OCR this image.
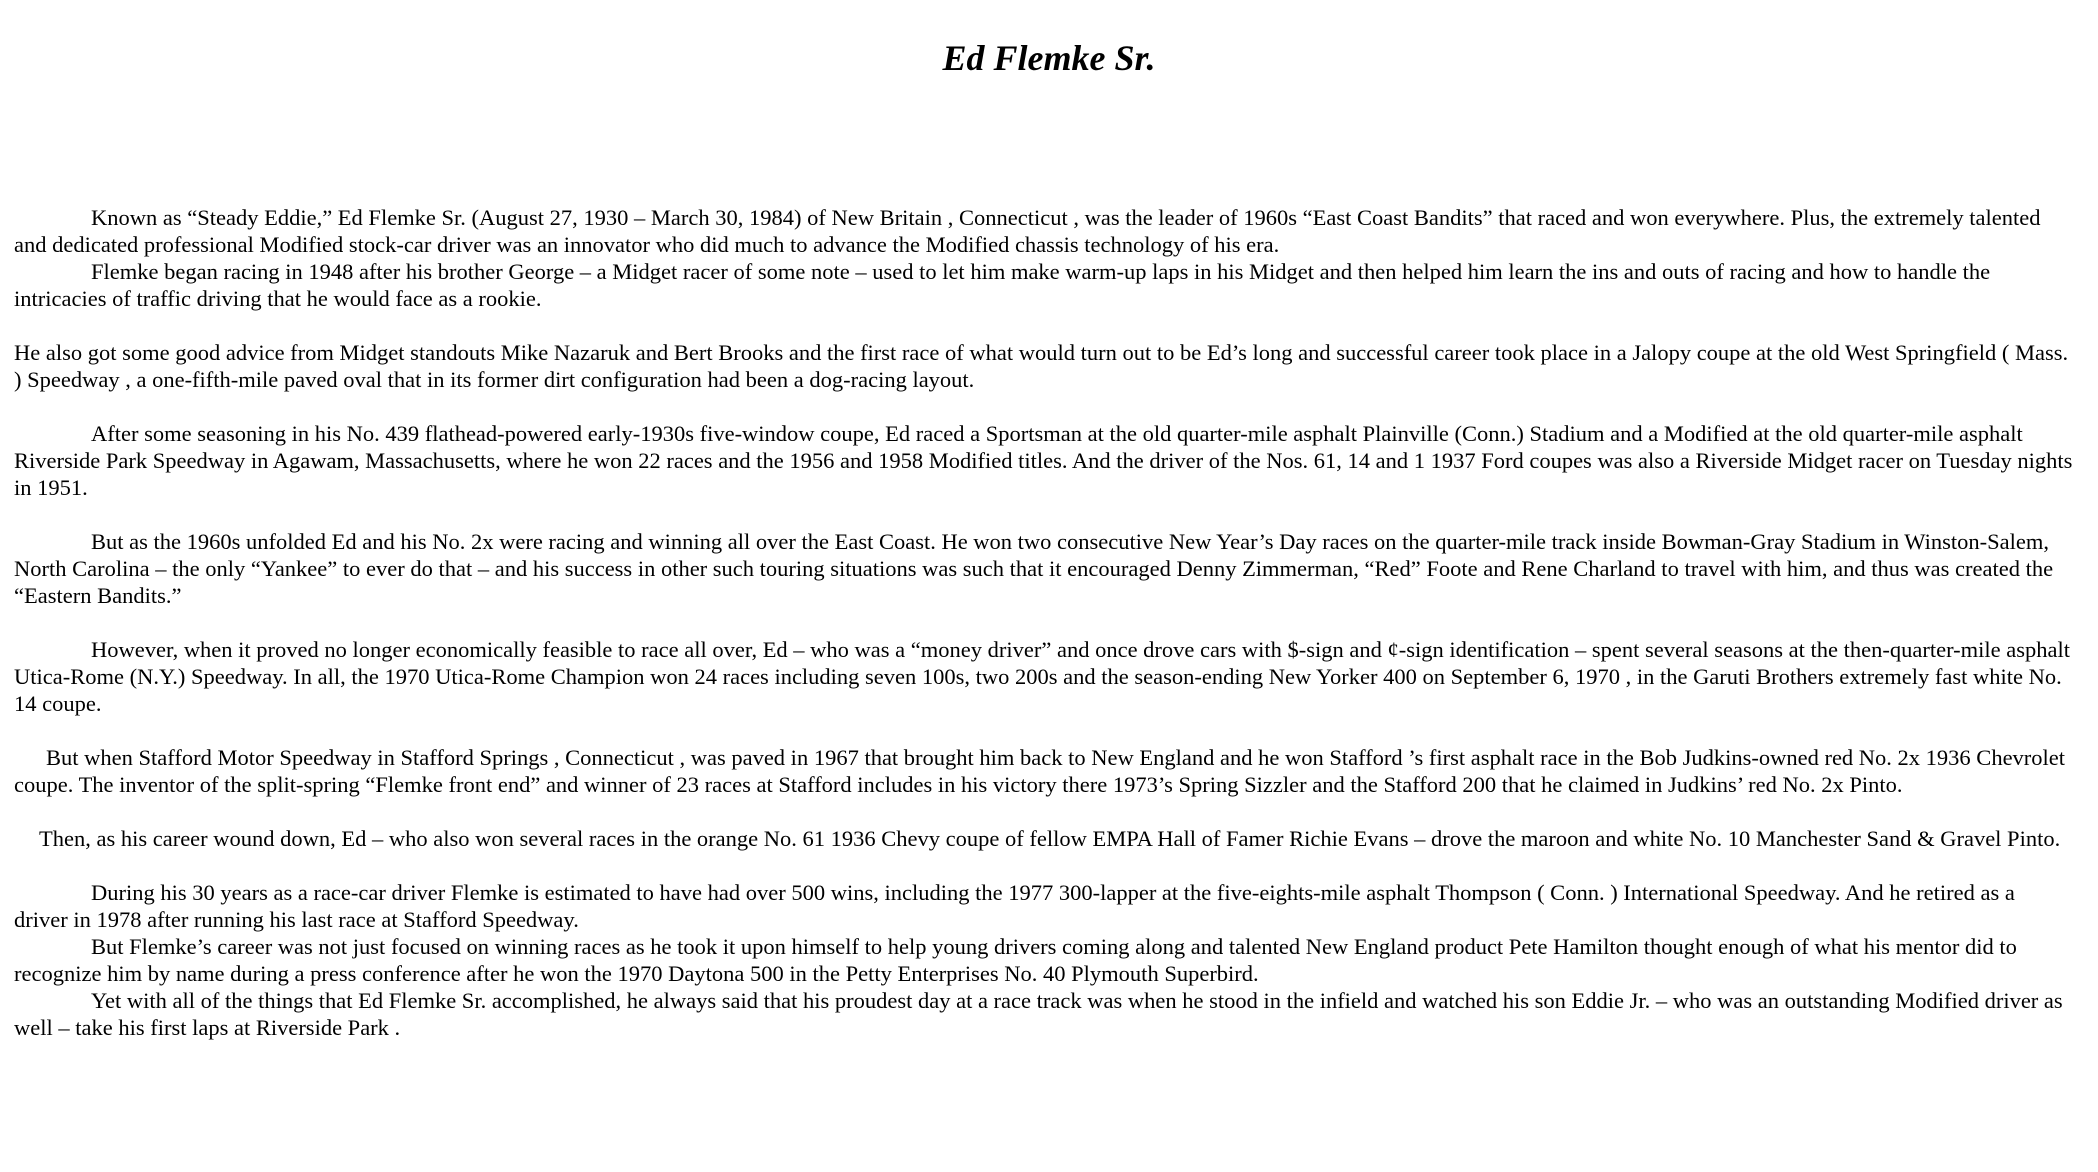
Ed Flemke Sr.

Known as “Steady Eddie,” Ed Flemke Sr. (August 27, 1930 – March 30, 1984) of New Britain , Connecticut , was the leader of 1960s “East Coast Bandits” that raced and won everywhere. Plus, the extremely talented and dedicated professional Modified stock-car driver was an innovator who did much to advance the Modified chassis technology of his era.

Flemke began racing in 1948 after his brother George – a Midget racer of some note – used to let him make warm-up laps in his Midget and then helped him learn the ins and outs of racing and how to handle the intricacies of traffic driving that he would face as a rookie.

He also got some good advice from Midget standouts Mike Nazaruk and Bert Brooks and the first race of what would turn out to be Ed’s long and successful career took place in a Jalopy coupe at the old West Springfield ( Mass. ) Speedway , a one-fifth-mile paved oval that in its former dirt configuration had been a dog-racing layout.

After some seasoning in his No. 439 flathead-powered early-1930s five-window coupe, Ed raced a Sportsman at the old quarter-mile asphalt Plainville (Conn.) Stadium and a Modified at the old quarter-mile asphalt Riverside Park Speedway in Agawam, Massachusetts, where he won 22 races and the 1956 and 1958 Modified titles. And the driver of the Nos. 61, 14 and 1 1937 Ford coupes was also a Riverside Midget racer on Tuesday nights in 1951.

But as the 1960s unfolded Ed and his No. 2x were racing and winning all over the East Coast. He won two consecutive New Year’s Day races on the quarter-mile track inside Bowman-Gray Stadium in Winston-Salem, North Carolina – the only “Yankee” to ever do that – and his success in other such touring situations was such that it encouraged Denny Zimmerman, “Red” Foote and Rene Charland to travel with him, and thus was created the “Eastern Bandits.”

However, when it proved no longer economically feasible to race all over, Ed – who was a “money driver” and once drove cars with $-sign and ¢-sign identification – spent several seasons at the then-quarter-mile asphalt Utica-Rome (N.Y.) Speedway. In all, the 1970 Utica-Rome Champion won 24 races including seven 100s, two 200s and the season-ending New Yorker 400 on September 6, 1970 , in the Garuti Brothers extremely fast white No. 14 coupe.

But when Stafford Motor Speedway in Stafford Springs , Connecticut , was paved in 1967 that brought him back to New England and he won Stafford ’s first asphalt race in the Bob Judkins-owned red No. 2x 1936 Chevrolet coupe. The inventor of the split-spring “Flemke front end” and winner of 23 races at Stafford includes in his victory there 1973’s Spring Sizzler and the Stafford 200 that he claimed in Judkins’ red No. 2x Pinto.

Then, as his career wound down, Ed – who also won several races in the orange No. 61 1936 Chevy coupe of fellow EMPA Hall of Famer Richie Evans – drove the maroon and white No. 10 Manchester Sand & Gravel Pinto.

During his 30 years as a race-car driver Flemke is estimated to have had over 500 wins, including the 1977 300-lapper at the five-eights-mile asphalt Thompson ( Conn. ) International Speedway. And he retired as a driver in 1978 after running his last race at Stafford Speedway.

But Flemke’s career was not just focused on winning races as he took it upon himself to help young drivers coming along and talented New England product Pete Hamilton thought enough of what his mentor did to recognize him by name during a press conference after he won the 1970 Daytona 500 in the Petty Enterprises No. 40 Plymouth Superbird.

Yet with all of the things that Ed Flemke Sr. accomplished, he always said that his proudest day at a race track was when he stood in the infield and watched his son Eddie Jr. – who was an outstanding Modified driver as well – take his first laps at Riverside Park .
